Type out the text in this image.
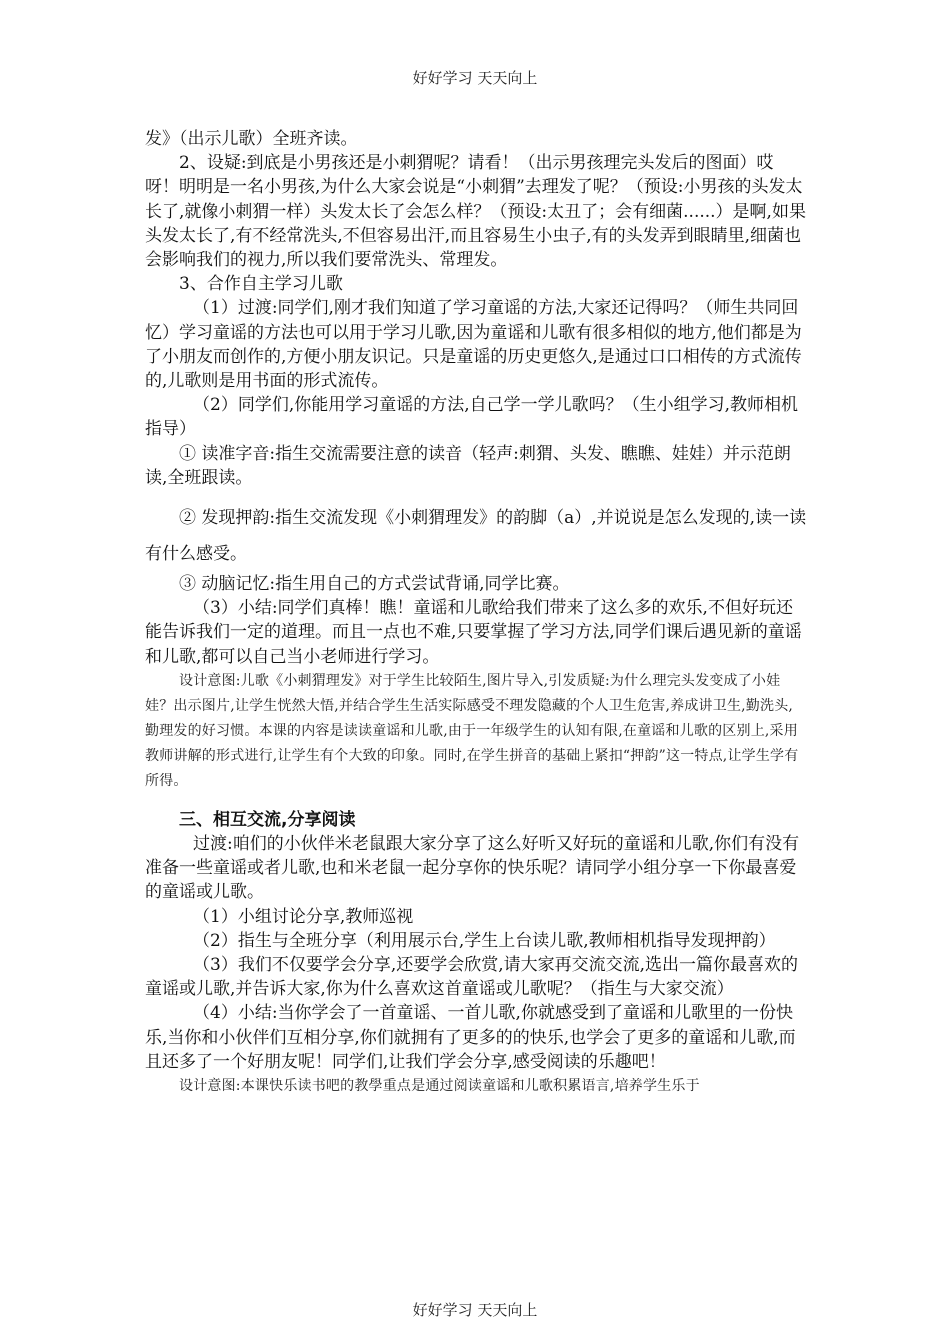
好好学习 天天向上

发》（出示儿歌）全班齐读。

2、设疑:到底是小男孩还是小刺猬呢？请看！（出示男孩理完头发后的图面）哎呀！明明是一名小男孩,为什么大家会说是“小刺猬”去理发了呢？（预设:小男孩的头发太长了,就像小刺猬一样）头发太长了会怎么样？（预设:太丑了；会有细菌......）是啊,如果头发太长了,有不经常洗头,不但容易出汗,而且容易生小虫子,有的头发弄到眼睛里,细菌也会影响我们的视力,所以我们要常洗头、常理发。

3、合作自主学习儿歌

（1）过渡:同学们,刚才我们知道了学习童谣的方法,大家还记得吗？（师生共同回忆）学习童谣的方法也可以用于学习儿歌,因为童谣和儿歌有很多相似的地方,他们都是为了小朋友而创作的,方便小朋友识记。只是童谣的历史更悠久,是通过口口相传的方式流传的,儿歌则是用书面的形式流传。

（2）同学们,你能用学习童谣的方法,自己学一学儿歌吗？（生小组学习,教师相机指导）

① 读准字音:指生交流需要注意的读音（轻声:刺猬、头发、瞧瞧、娃娃）并示范朗读,全班跟读。

② 发现押韵:指生交流发现《小刺猬理发》的韵脚（a）,并说说是怎么发现的,读一读有什么感受。

③ 动脑记忆:指生用自己的方式尝试背诵,同学比赛。

（3）小结:同学们真棒！瞧！童谣和儿歌给我们带来了这么多的欢乐,不但好玩还能告诉我们一定的道理。而且一点也不难,只要掌握了学习方法,同学们课后遇见新的童谣和儿歌,都可以自己当小老师进行学习。

设计意图:儿歌《小刺猬理发》对于学生比较陌生,图片导入,引发质疑:为什么理完头发变成了小娃娃？出示图片,让学生恍然大悟,并结合学生生活实际感受不理发隐藏的个人卫生危害,养成讲卫生,勤洗头,勤理发的好习惯。本课的内容是读读童谣和儿歌,由于一年级学生的认知有限,在童谣和儿歌的区别上,采用教师讲解的形式进行,让学生有个大致的印象。同时,在学生拼音的基础上紧扣“押韵”这一特点,让学生学有所得。

三、相互交流,分享阅读

过渡:咱们的小伙伴米老鼠跟大家分享了这么好听又好玩的童谣和儿歌,你们有没有准备一些童谣或者儿歌,也和米老鼠一起分享你的快乐呢？请同学小组分享一下你最喜爱的童谣或儿歌。

（1）小组讨论分享,教师巡视

（2）指生与全班分享（利用展示台,学生上台读儿歌,教师相机指导发现押韵）

（3）我们不仅要学会分享,还要学会欣赏,请大家再交流交流,选出一篇你最喜欢的童谣或儿歌,并告诉大家,你为什么喜欢这首童谣或儿歌呢？（指生与大家交流）

（4）小结:当你学会了一首童谣、一首儿歌,你就感受到了童谣和儿歌里的一份快乐,当你和小伙伴们互相分享,你们就拥有了更多的的快乐,也学会了更多的童谣和儿歌,而且还多了一个好朋友呢！同学们,让我们学会分享,感受阅读的乐趣吧！

设计意图:本课快乐读书吧的教學重点是通过阅读童谣和儿歌积累语言,培养学生乐于

好好学习 天天向上
